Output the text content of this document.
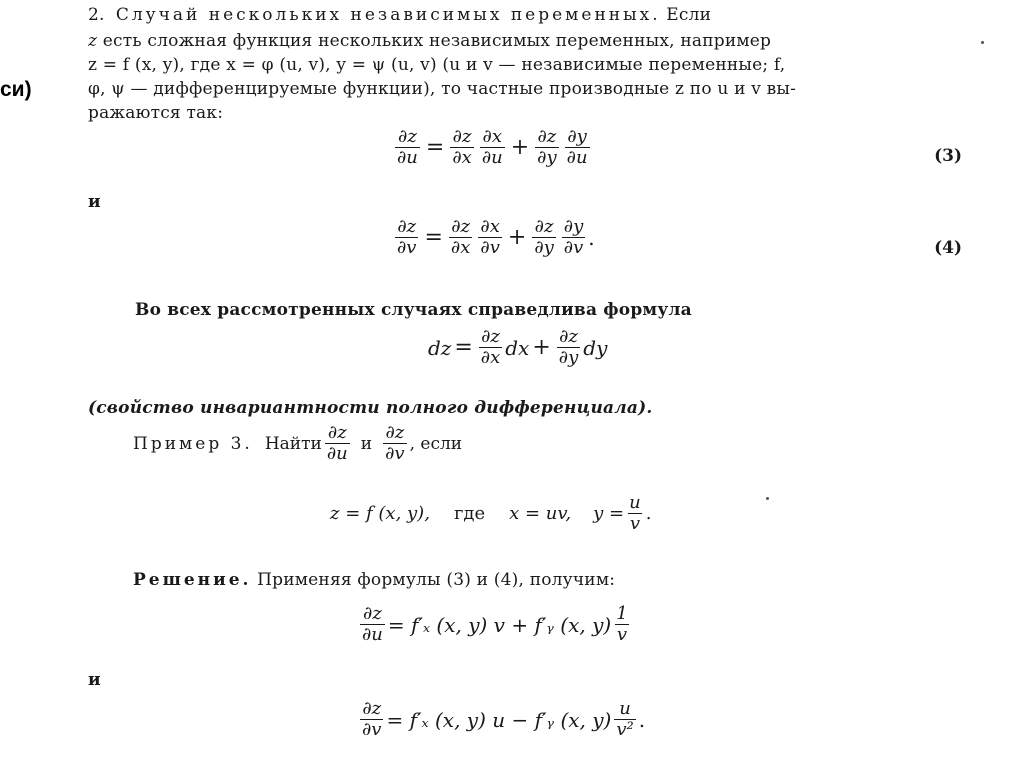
си)
2. Случай нескольких независимых переменных. Если
z есть сложная функция нескольких независимых переменных, например
z = f (x, y), где x = φ (u, v), y = ψ (u, v) (u и v — независимые переменные; f,
φ, ψ — дифференцируемые функции), то частные производные z по u и v вы-
ражаются так:
$\frac{\partial z}{\partial u} = \frac{\partial z}{\partial x} \frac{\partial x}{\partial u} + \frac{\partial z}{\partial y} \frac{\partial y}{\partial u}$	(3)
и
$\frac{\partial z}{\partial v} = \frac{\partial z}{\partial x} \frac{\partial x}{\partial v} + \frac{\partial z}{\partial y} \frac{\partial y}{\partial v}$ .	(4)
Во всех рассмотренных случаях справедлива формула
dz = $\frac{\partial z}{\partial x}$ dx + $\frac{\partial z}{\partial y}$ dy
(свойство инвариантности полного дифференциала).
Пример 3. Найти $\frac{\partial z}{\partial u}$ и $\frac{\partial z}{\partial v}$ , если
z = f (x, y), где x = uv, $y = \frac{u}{v}$ .
Решение. Применяя формулы (3) и (4), получим:
$\frac{\partial z}{\partial u} = f'_x$ (x, y) v + f′ᵧ (x, $y) \frac{1}{v}$
и
$\frac{\partial z}{\partial v} = f'_x$ (x, y) u − f′ᵧ (x, $y) \frac{u}{\text{v²}}$ .
